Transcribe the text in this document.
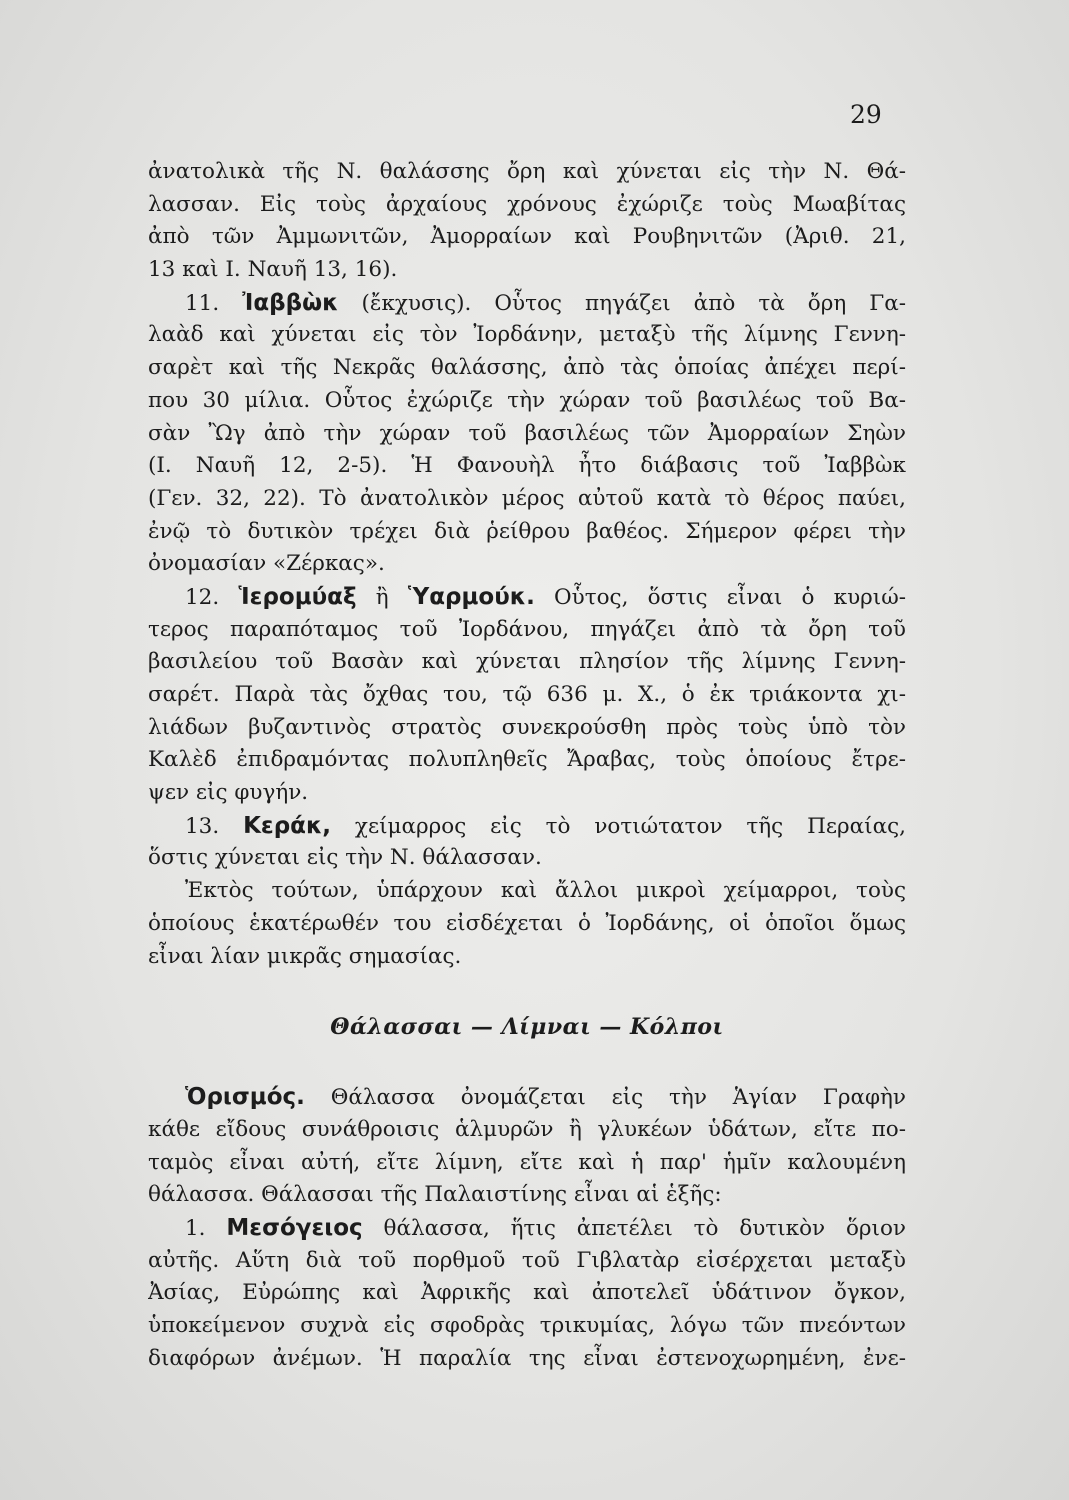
29
ἀνατολικὰ τῆς Ν. θαλάσσης ὄρη καὶ χύνεται εἰς τὴν Ν. Θά-
λασσαν. Εἰς τοὺς ἀρχαίους χρόνους ἐχώριζε τοὺς Μωαβίτας
ἀπὸ τῶν Ἀμμωνιτῶν, Ἀμορραίων καὶ Ρουβηνιτῶν (Ἀριθ. 21,
13 καὶ Ι. Ναυῆ 13, 16).
11. Ἰαββὼκ (ἔκχυσις). Οὗτος πηγάζει ἀπὸ τὰ ὄρη Γα-
λαὰδ καὶ χύνεται εἰς τὸν Ἰορδάνην, μεταξὺ τῆς λίμνης Γεννη-
σαρὲτ καὶ τῆς Νεκρᾶς θαλάσσης, ἀπὸ τὰς ὁποίας ἀπέχει περί-
που 30 μίλια. Οὗτος ἐχώριζε τὴν χώραν τοῦ βασιλέως τοῦ Βα-
σὰν Ὢγ ἀπὸ τὴν χώραν τοῦ βασιλέως τῶν Ἀμορραίων Σηὼν
(Ι. Ναυῆ 12, 2-5). Ἡ Φανουὴλ ἦτο διάβασις τοῦ Ἰαββὼκ
(Γεν. 32, 22). Τὸ ἀνατολικὸν μέρος αὐτοῦ κατὰ τὸ θέρος παύει,
ἐνῷ τὸ δυτικὸν τρέχει διὰ ῥείθρου βαθέος. Σήμερον φέρει τὴν
ὀνομασίαν «Ζέρκας».
12. Ἱερομύαξ ἢ Ὑαρμούκ. Οὗτος, ὅστις εἶναι ὁ κυριώ-
τερος παραπόταμος τοῦ Ἰορδάνου, πηγάζει ἀπὸ τὰ ὄρη τοῦ
βασιλείου τοῦ Βασὰν καὶ χύνεται πλησίον τῆς λίμνης Γεννη-
σαρέτ. Παρὰ τὰς ὄχθας του, τῷ 636 μ. Χ., ὁ ἐκ τριάκοντα χι-
λιάδων βυζαντινὸς στρατὸς συνεκρούσθη πρὸς τοὺς ὑπὸ τὸν
Καλὲδ ἐπιδραμόντας πολυπληθεῖς Ἄραβας, τοὺς ὁποίους ἔτρε-
ψεν εἰς φυγήν.
13. Κεράκ, χείμαρρος εἰς τὸ νοτιώτατον τῆς Περαίας,
ὅστις χύνεται εἰς τὴν Ν. θάλασσαν.
Ἐκτὸς τούτων, ὑπάρχουν καὶ ἄλλοι μικροὶ χείμαρροι, τοὺς
ὁποίους ἑκατέρωθέν του εἰσδέχεται ὁ Ἰορδάνης, οἱ ὁποῖοι ὅμως
εἶναι λίαν μικρᾶς σημασίας.
Θάλασσαι — Λίμναι — Κόλποι
Ὁρισμός. Θάλασσα ὀνομάζεται εἰς τὴν Ἁγίαν Γραφὴν
κάθε εἴδους συνάθροισις ἁλμυρῶν ἢ γλυκέων ὑδάτων, εἴτε πο-
ταμὸς εἶναι αὐτή, εἴτε λίμνη, εἴτε καὶ ἡ παρ' ἡμῖν καλουμένη
θάλασσα. Θάλασσαι τῆς Παλαιστίνης εἶναι αἱ ἑξῆς:
1. Μεσόγειος θάλασσα, ἥτις ἀπετέλει τὸ δυτικὸν ὅριον
αὐτῆς. Αὕτη διὰ τοῦ πορθμοῦ τοῦ Γιβλατὰρ εἰσέρχεται μεταξὺ
Ἀσίας, Εὐρώπης καὶ Ἀφρικῆς καὶ ἀποτελεῖ ὑδάτινον ὄγκον,
ὑποκείμενον συχνὰ εἰς σφοδρὰς τρικυμίας, λόγω τῶν πνεόντων
διαφόρων ἀνέμων. Ἡ παραλία της εἶναι ἐστενοχωρημένη, ἐνε-
